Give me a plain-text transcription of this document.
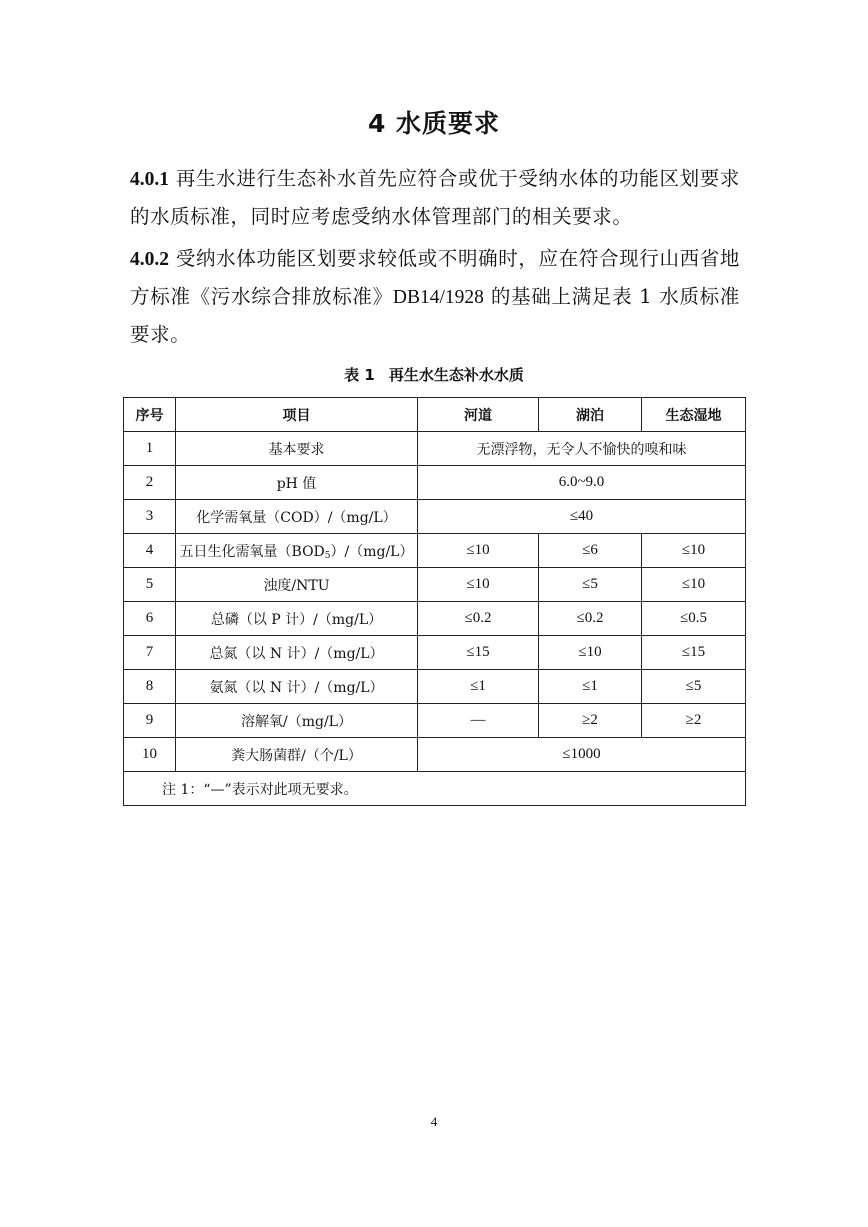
4 水质要求
4.0.1 再生水进行生态补水首先应符合或优于受纳水体的功能区划要求的水质标准，同时应考虑受纳水体管理部门的相关要求。
4.0.2 受纳水体功能区划要求较低或不明确时，应在符合现行山西省地方标准《污水综合排放标准》DB14/1928 的基础上满足表 1 水质标准要求。
表 1 再生水生态补水水质
序号	项目	河道	湖泊	生态湿地
1	基本要求	无漂浮物，无令人不愉快的嗅和味		
2	pH 值	6.0~9.0		
3	化学需氧量（COD）/（mg/L）	≤40		
4	五日生化需氧量$(BOD_5)/(mg/L)$	≤10	≤6	≤10
5	浊度/NTU	≤10	≤5	≤10
6	总磷（以 P 计）/（mg/L）	≤0.2	≤0.2	≤0.5
7	总氮（以 N 计）/（mg/L）	≤15	≤10	≤15
8	氨氮（以 N 计）/（mg/L）	≤1	≤1	≤5
9	溶解氧/（mg/L）	—	≥2	≥2
10	粪大肠菌群/（个/L）	≤1000		
注 1：“—”表示对此项无要求。				
4
